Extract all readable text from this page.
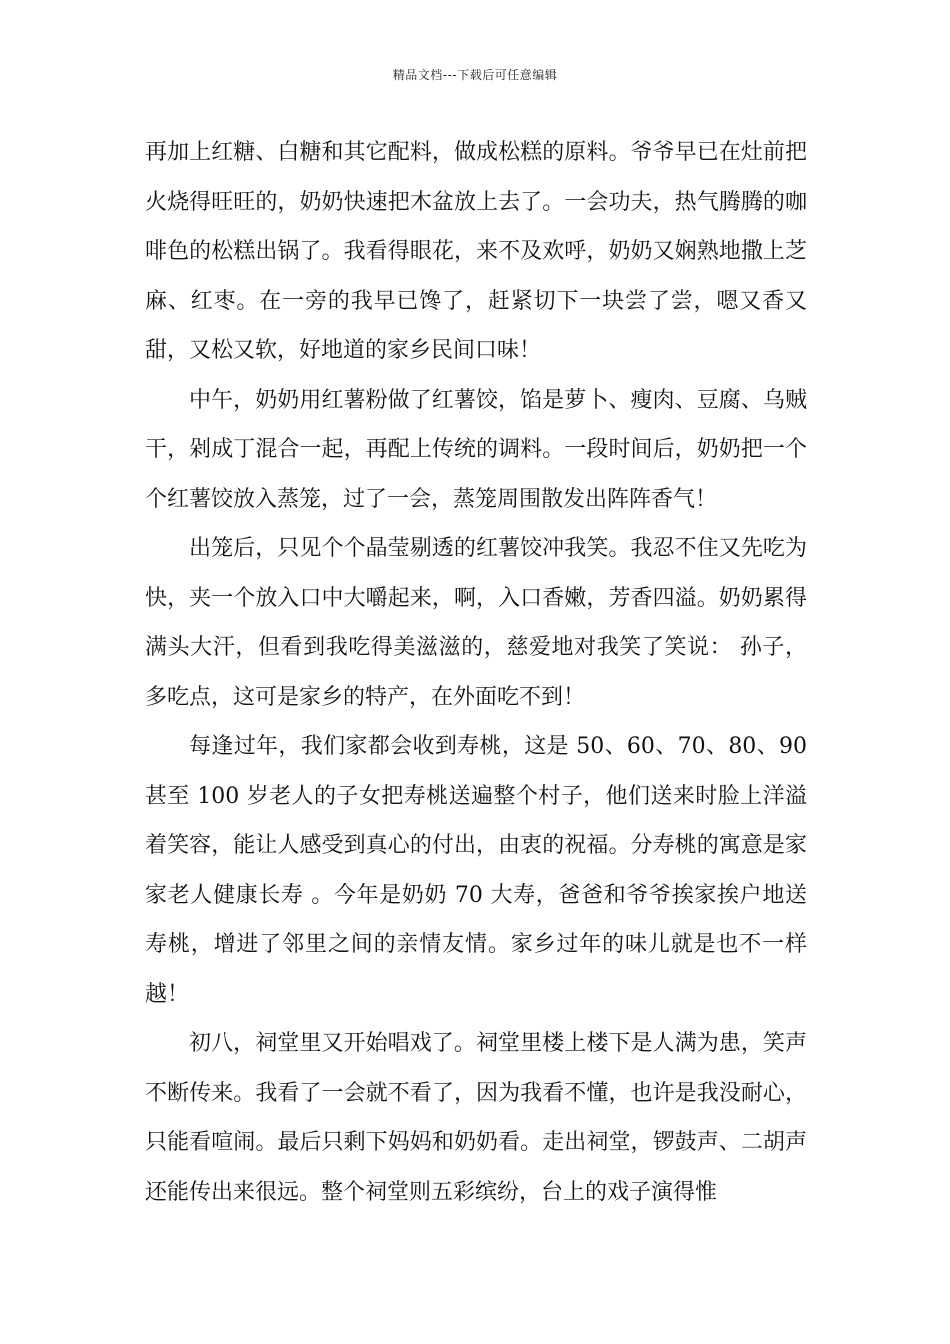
精品文档---下载后可任意编辑

再加上红糖、白糖和其它配料，做成松糕的原料。爷爷早已在灶前把火烧得旺旺的，奶奶快速把木盆放上去了。一会功夫，热气腾腾的咖啡色的松糕出锅了。我看得眼花，来不及欢呼，奶奶又娴熟地撒上芝麻、红枣。在一旁的我早已馋了，赶紧切下一块尝了尝，嗯又香又甜，又松又软，好地道的家乡民间口味！

中午，奶奶用红薯粉做了红薯饺，馅是萝卜、瘦肉、豆腐、乌贼干，剁成丁混合一起，再配上传统的调料。一段时间后，奶奶把一个个红薯饺放入蒸笼，过了一会，蒸笼周围散发出阵阵香气！

出笼后，只见个个晶莹剔透的红薯饺冲我笑。我忍不住又先吃为快，夹一个放入口中大嚼起来，啊，入口香嫩，芳香四溢。奶奶累得满头大汗，但看到我吃得美滋滋的，慈爱地对我笑了笑说： 孙子，多吃点，这可是家乡的特产，在外面吃不到！

每逢过年，我们家都会收到寿桃，这是 50、60、70、80、90 甚至 100 岁老人的子女把寿桃送遍整个村子，他们送来时脸上洋溢着笑容，能让人感受到真心的付出，由衷的祝福。分寿桃的寓意是家家老人健康长寿 。今年是奶奶 70 大寿，爸爸和爷爷挨家挨户地送寿桃，增进了邻里之间的亲情友情。家乡过年的味儿就是也不一样越！

初八，祠堂里又开始唱戏了。祠堂里楼上楼下是人满为患，笑声不断传来。我看了一会就不看了，因为我看不懂，也许是我没耐心，只能看喧闹。最后只剩下妈妈和奶奶看。走出祠堂，锣鼓声、二胡声还能传出来很远。整个祠堂则五彩缤纷，台上的戏子演得惟
